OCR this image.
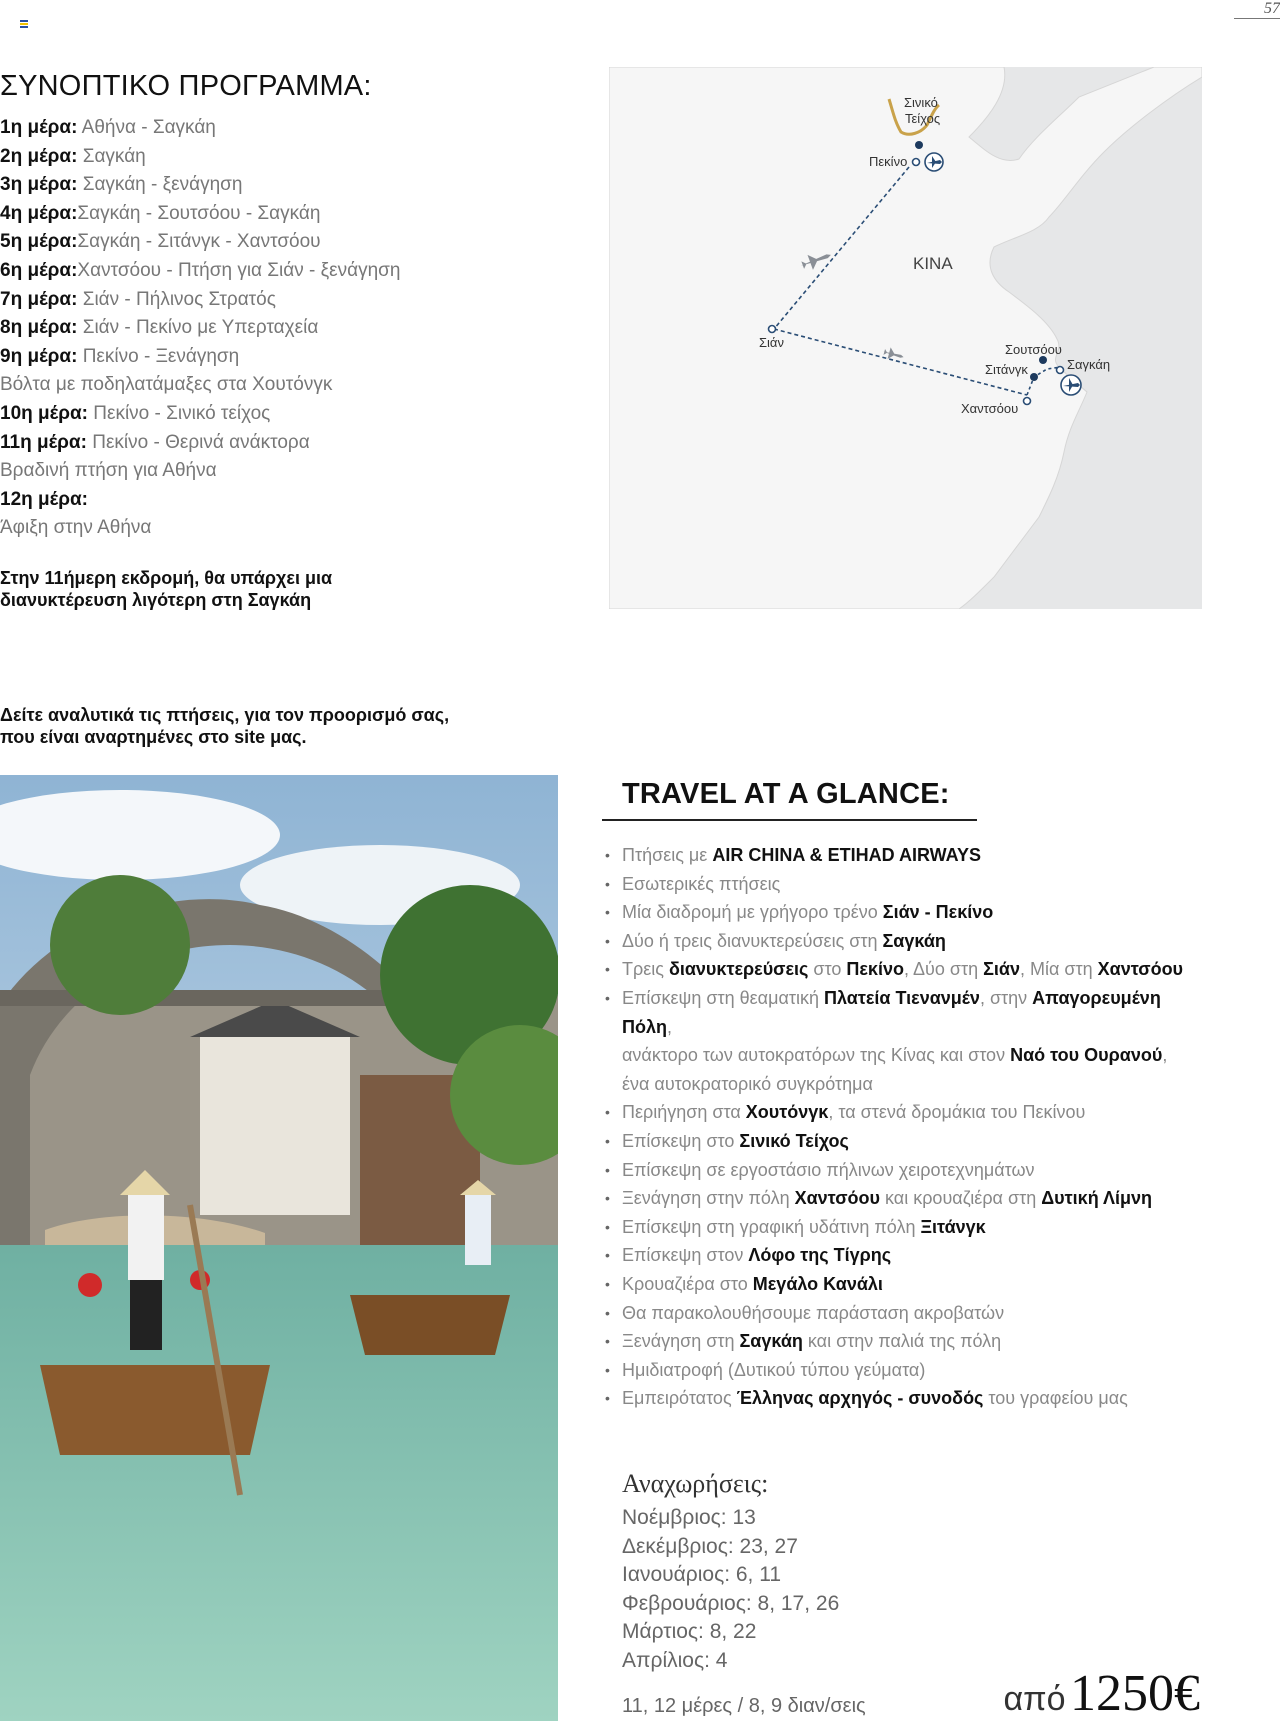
57
ΣΥΝΟΠΤΙΚΟ ΠΡΟΓΡΑΜΜΑ:
1η μέρα: Αθήνα - Σαγκάη
2η μέρα: Σαγκάη
3η μέρα: Σαγκάη - ξενάγηση
4η μέρα:Σαγκάη - Σουτσόου - Σαγκάη
5η μέρα:Σαγκάη - Σιτάνγκ - Χαντσόου
6η μέρα:Χαντσόου - Πτήση για Σιάν - ξενάγηση
7η μέρα: Σιάν - Πήλινος Στρατός
8η μέρα: Σιάν - Πεκίνο με Υπερταχεία
9η μέρα: Πεκίνο - Ξενάγηση
Βόλτα με ποδηλατάμαξες στα Χουτόνγκ
10η μέρα: Πεκίνο - Σινικό τείχος
11η μέρα: Πεκίνο - Θερινά ανάκτορα
Βραδινή πτήση για Αθήνα
12η μέρα:
Άφιξη στην Αθήνα
Στην 11ήμερη εκδρομή, θα υπάρχει μια διανυκτέρευση λιγότερη στη Σαγκάη
Δείτε αναλυτικά τις πτήσεις, για τον προορισμό σας, που είναι αναρτημένες στο site μας.
Σινικό
Τείχος
Πεκίνο
ΚΙΝΑ
Σιάν	Σουτσόου
Σιτάνγκ	Σαγκάη
Χαντσόου
TRAVEL AT A GLANCE:
• Πτήσεις με AIR CHINA & ETIHAD AIRWAYS
• Εσωτερικές πτήσεις
• Μία διαδρομή με γρήγορο τρένο Σιάν - Πεκίνο
• Δύο ή τρεις διανυκτερεύσεις στη Σαγκάη
• Τρεις διανυκτερεύσεις στο Πεκίνο, Δύο στη Σιάν, Μία στη Χαντσόου
• Επίσκεψη στη θεαματική Πλατεία Τιενανμέν, στην Απαγορευμένη Πόλη,
ανάκτορο των αυτοκρατόρων της Κίνας και στον Ναό του Ουρανού,
ένα αυτοκρατορικό συγκρότημα
• Περιήγηση στα Χουτόνγκ, τα στενά δρομάκια του Πεκίνου
• Επίσκεψη στο Σινικό Τείχος
• Επίσκεψη σε εργοστάσιο πήλινων χειροτεχνημάτων
• Ξενάγηση στην πόλη Χαντσόου και κρουαζιέρα στη Δυτική Λίμνη
• Επίσκεψη στη γραφική υδάτινη πόλη Ξιτάνγκ
• Επίσκεψη στον Λόφο της Τίγρης
• Κρουαζιέρα στο Μεγάλο Κανάλι
• Θα παρακολουθήσουμε παράσταση ακροβατών
• Ξενάγηση στη Σαγκάη και στην παλιά της πόλη
• Ημιδιατροφή (Δυτικού τύπου γεύματα)
• Εμπειρότατος Έλληνας αρχηγός - συνοδός του γραφείου μας
Αναχωρήσεις:
Νοέμβριος: 13
Δεκέμβριος: 23, 27
Ιανουάριος: 6, 11
Φεβρουάριος: 8, 17, 26
Μάρτιος: 8, 22
Απρίλιος: 4
11, 12 μέρες / 8, 9 διαν/σεις	από 1250€
